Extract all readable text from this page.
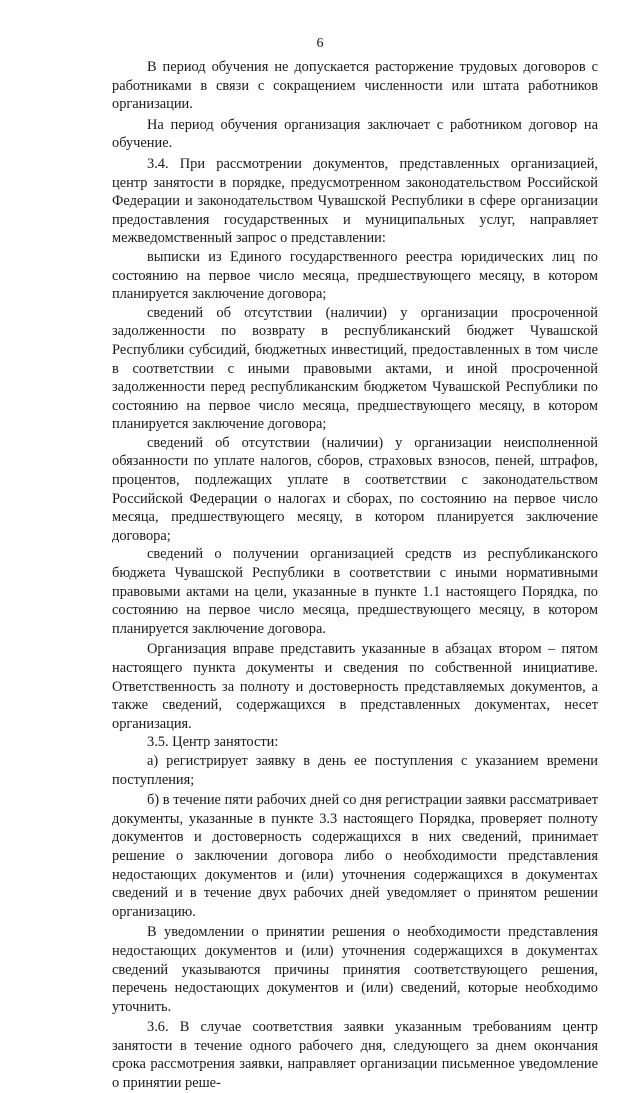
6

В период обучения не допускается расторжение трудовых договоров с работниками в связи с сокращением численности или штата работников организации.

На период обучения организация заключает с работником договор на обучение.

3.4. При рассмотрении документов, представленных организацией, центр занятости в порядке, предусмотренном законодательством Российской Федерации и законодательством Чувашской Республики в сфере организации предоставления государственных и муниципальных услуг, направляет межведомственный запрос о представлении:

выписки из Единого государственного реестра юридических лиц по состоянию на первое число месяца, предшествующего месяцу, в котором планируется заключение договора;

сведений об отсутствии (наличии) у организации просроченной задолженности по возврату в республиканский бюджет Чувашской Республики субсидий, бюджетных инвестиций, предоставленных в том числе в соответствии с иными правовыми актами, и иной просроченной задолженности перед республиканским бюджетом Чувашской Республики по состоянию на первое число месяца, предшествующего месяцу, в котором планируется заключение договора;

сведений об отсутствии (наличии) у организации неисполненной обязанности по уплате налогов, сборов, страховых взносов, пеней, штрафов, процентов, подлежащих уплате в соответствии с законодательством Российской Федерации о налогах и сборах, по состоянию на первое число месяца, предшествующего месяцу, в котором планируется заключение договора;

сведений о получении организацией средств из республиканского бюджета Чувашской Республики в соответствии с иными нормативными правовыми актами на цели, указанные в пункте 1.1 настоящего Порядка, по состоянию на первое число месяца, предшествующего месяцу, в котором планируется заключение договора.

Организация вправе представить указанные в абзацах втором – пятом настоящего пункта документы и сведения по собственной инициативе. Ответственность за полноту и достоверность представляемых документов, а также сведений, содержащихся в представленных документах, несет организация.

3.5. Центр занятости:

а) регистрирует заявку в день ее поступления с указанием времени поступления;

б) в течение пяти рабочих дней со дня регистрации заявки рассматривает документы, указанные в пункте 3.3 настоящего Порядка, проверяет полноту документов и достоверность содержащихся в них сведений, принимает решение о заключении договора либо о необходимости представления недостающих документов и (или) уточнения содержащихся в документах сведений и в течение двух рабочих дней уведомляет о принятом решении организацию.

В уведомлении о принятии решения о необходимости представления недостающих документов и (или) уточнения содержащихся в документах сведений указываются причины принятия соответствующего решения, перечень недостающих документов и (или) сведений, которые необходимо уточнить.

3.6. В случае соответствия заявки указанным требованиям центр занятости в течение одного рабочего дня, следующего за днем окончания срока рассмотрения заявки, направляет организации письменное уведомление о принятии реше-
